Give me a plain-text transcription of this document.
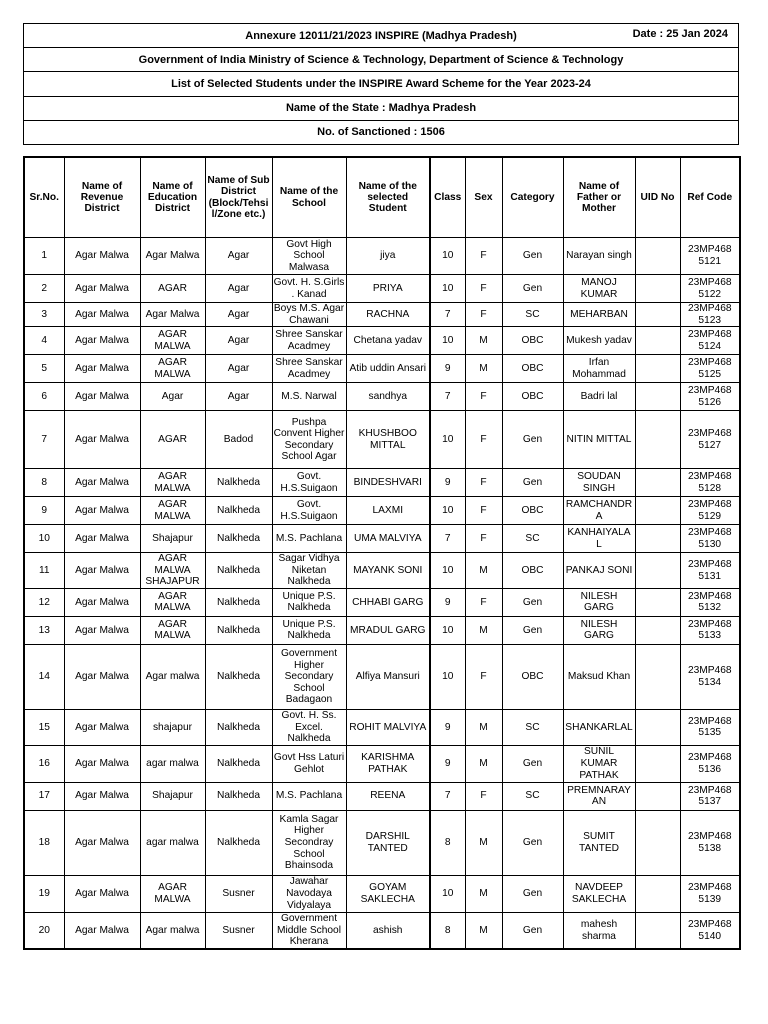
Annexure 12011/21/2023 INSPIRE (Madhya Pradesh)	Date : 25 Jan 2024

Government of India Ministry of Science & Technology, Department of Science & Technology
List of Selected Students under the INSPIRE Award Scheme for the Year 2023-24
Name of the State : Madhya Pradesh
No. of Sanctioned : 1506
Sr.No.	Name of Revenue District	Name of Education District	Name of Sub District (Block/Tehsi l/Zone etc.)	Name of the School	Name of the selected Student	Class	Sex	Category	Name of Father or Mother	UID No	Ref Code
1	Agar Malwa	Agar Malwa	Agar	Govt High School Malwasa	jiya	10	F	Gen	Narayan singh		23MP468 5121
2	Agar Malwa	AGAR	Agar	Govt. H. S.Girls . Kanad	PRIYA	10	F	Gen	MANOJ KUMAR		23MP468 5122
3	Agar Malwa	Agar Malwa	Agar	Boys M.S. Agar Chawani	RACHNA	7	F	SC	MEHARBAN		23MP468 5123
4	Agar Malwa	AGAR MALWA	Agar	Shree Sanskar Acadmey	Chetana yadav	10	M	OBC	Mukesh yadav		23MP468 5124
5	Agar Malwa	AGAR MALWA	Agar	Shree Sanskar Acadmey	Atib uddin Ansari	9	M	OBC	Irfan Mohammad		23MP468 5125
6	Agar Malwa	Agar	Agar	M.S. Narwal	sandhya	7	F	OBC	Badri lal		23MP468 5126
7	Agar Malwa	AGAR	Badod	Pushpa Convent Higher Secondary School Agar	KHUSHBOO MITTAL	10	F	Gen	NITIN MITTAL		23MP468 5127
8	Agar Malwa	AGAR MALWA	Nalkheda	Govt. H.S.Suigaon	BINDESHVARI	9	F	Gen	SOUDAN SINGH		23MP468 5128
9	Agar Malwa	AGAR MALWA	Nalkheda	Govt. H.S.Suigaon	LAXMI	10	F	OBC	RAMCHANDR A		23MP468 5129
10	Agar Malwa	Shajapur	Nalkheda	M.S. Pachlana	UMA MALVIYA	7	F	SC	KANHAIYALA L		23MP468 5130
11	Agar Malwa	AGAR MALWA SHAJAPUR	Nalkheda	Sagar Vidhya Niketan Nalkheda	MAYANK SONI	10	M	OBC	PANKAJ SONI		23MP468 5131
12	Agar Malwa	AGAR MALWA	Nalkheda	Unique P.S. Nalkheda	CHHABI GARG	9	F	Gen	NILESH GARG		23MP468 5132
13	Agar Malwa	AGAR MALWA	Nalkheda	Unique P.S. Nalkheda	MRADUL GARG	10	M	Gen	NILESH GARG		23MP468 5133
14	Agar Malwa	Agar malwa	Nalkheda	Government Higher Secondary School Badagaon	Alfiya Mansuri	10	F	OBC	Maksud Khan		23MP468 5134
15	Agar Malwa	shajapur	Nalkheda	Govt. H. Ss. Excel. Nalkheda	ROHIT MALVIYA	9	M	SC	SHANKARLAL		23MP468 5135
16	Agar Malwa	agar malwa	Nalkheda	Govt Hss Laturi Gehlot	KARISHMA PATHAK	9	M	Gen	SUNIL KUMAR PATHAK		23MP468 5136
17	Agar Malwa	Shajapur	Nalkheda	M.S. Pachlana	REENA	7	F	SC	PREMNARAY AN		23MP468 5137
18	Agar Malwa	agar malwa	Nalkheda	Kamla Sagar Higher Secondray School Bhainsoda	DARSHIL TANTED	8	M	Gen	SUMIT TANTED		23MP468 5138
19	Agar Malwa	AGAR MALWA	Susner	Jawahar Navodaya Vidyalaya	GOYAM SAKLECHA	10	M	Gen	NAVDEEP SAKLECHA		23MP468 5139
20	Agar Malwa	Agar malwa	Susner	Government Middle School Kherana	ashish	8	M	Gen	mahesh sharma		23MP468 5140
